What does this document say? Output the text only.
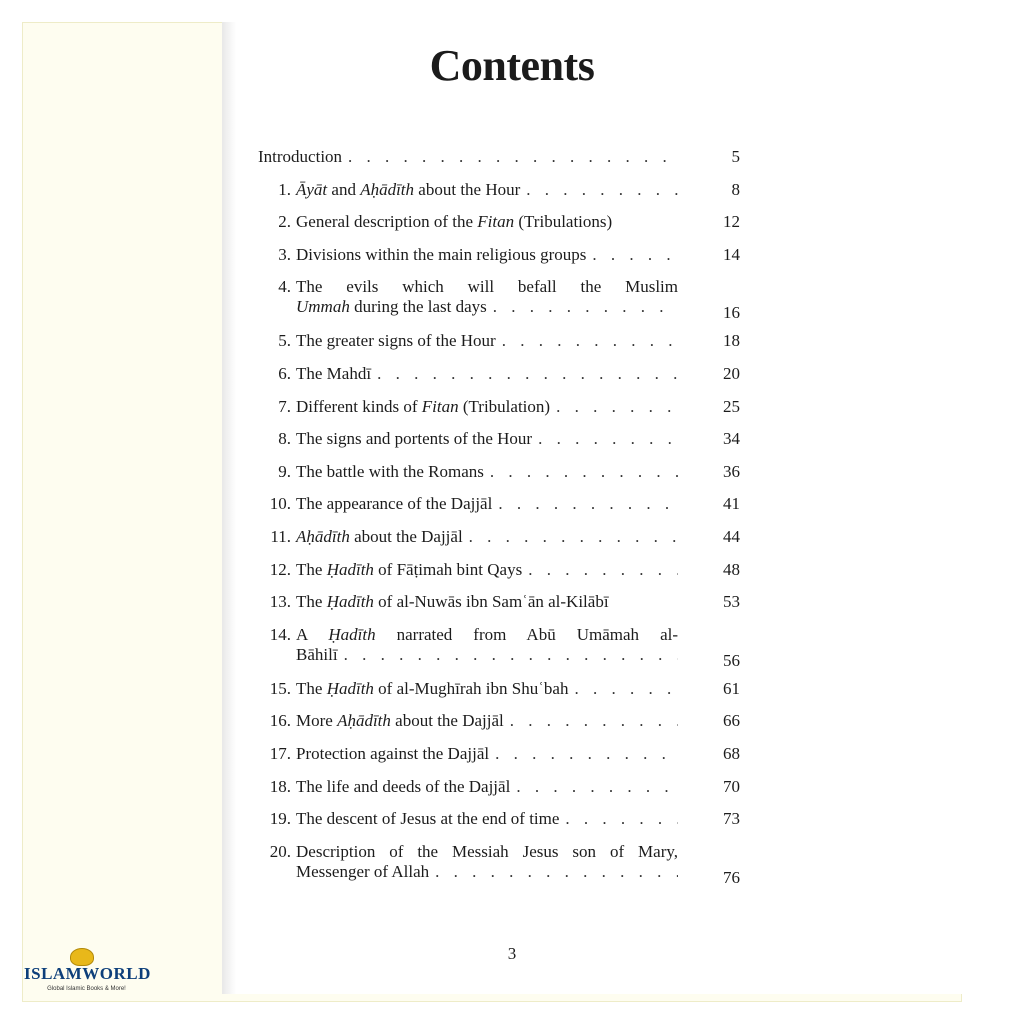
Contents
Introduction . . .	5
1. Āyāt and Aḥādīth about the Hour . . .	8
2. General description of the Fitan (Tribulations)	12
3. Divisions within the main religious groups . . .	14
4. The evils which will befall the Muslim
Ummah during the last days . . .	16
5. The greater signs of the Hour . . .	18
6. The Mahdī . . .	20
7. Different kinds of Fitan (Tribulation) . . .	25
8. The signs and portents of the Hour . . .	34
9. The battle with the Romans . . .	36
10. The appearance of the Dajjāl . . .	41
11. Aḥādīth about the Dajjāl . . .	44
12. The Ḥadīth of Fāṭimah bint Qays . . .	48
13. The Ḥadīth of al-Nuwās ibn Samʿān al-Kilābī	53
14. A Ḥadīth narrated from Abū Umāmah al-
Bāhilī . . .	56
15. The Ḥadīth of al-Mughīrah ibn Shuʿbah . . .	61
16. More Aḥādīth about the Dajjāl . . .	66
17. Protection against the Dajjāl . . .	68
18. The life and deeds of the Dajjāl . . .	70
19. The descent of Jesus at the end of time . . .	73
20. Description of the Messiah Jesus son of Mary,
Messenger of Allah . . .	76
3
ISLAMWORLD
Global Islamic Books & More!
